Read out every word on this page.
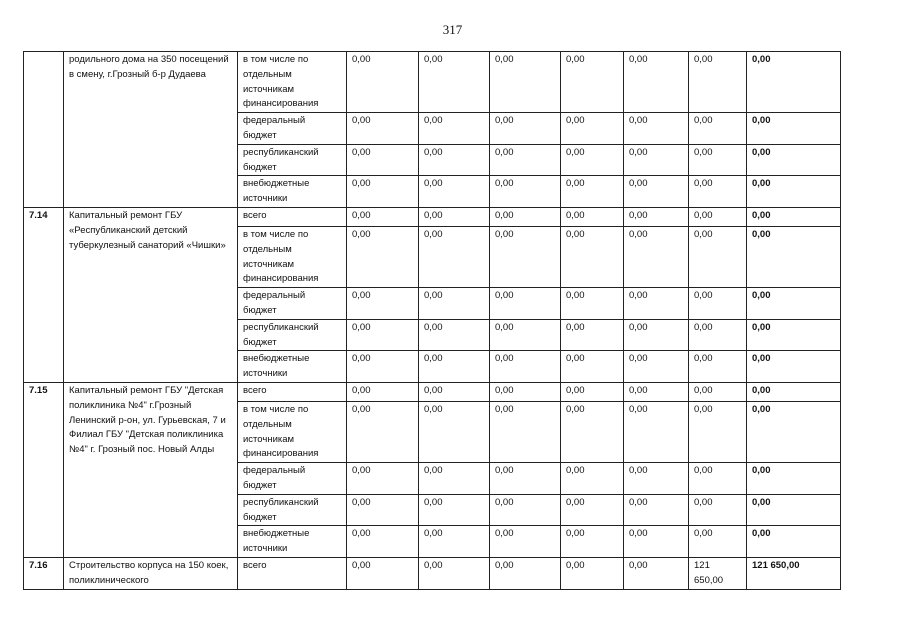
317
	родильного дома на 350 посещений в смену, г.Грозный б-р Дудаева	в том числе по отдельным источникам финансирования	0,00	0,00	0,00	0,00	0,00	0,00	0,00
		федеральный бюджет	0,00	0,00	0,00	0,00	0,00	0,00	0,00
		республиканский бюджет	0,00	0,00	0,00	0,00	0,00	0,00	0,00
		внебюджетные источники	0,00	0,00	0,00	0,00	0,00	0,00	0,00
7.14	Капитальный ремонт ГБУ «Республиканский детский туберкулезный санаторий «Чишки»	всего	0,00	0,00	0,00	0,00	0,00	0,00	0,00
		в том числе по отдельным источникам финансирования	0,00	0,00	0,00	0,00	0,00	0,00	0,00
		федеральный бюджет	0,00	0,00	0,00	0,00	0,00	0,00	0,00
		республиканский бюджет	0,00	0,00	0,00	0,00	0,00	0,00	0,00
		внебюджетные источники	0,00	0,00	0,00	0,00	0,00	0,00	0,00
7.15	Капитальный ремонт ГБУ "Детская поликлиника №4" г.Грозный Ленинский р-он, ул. Гурьевская, 7 и Филиал ГБУ "Детская поликлиника №4" г. Грозный пос. Новый Алды	всего	0,00	0,00	0,00	0,00	0,00	0,00	0,00
		в том числе по отдельным источникам финансирования	0,00	0,00	0,00	0,00	0,00	0,00	0,00
		федеральный бюджет	0,00	0,00	0,00	0,00	0,00	0,00	0,00
		республиканский бюджет	0,00	0,00	0,00	0,00	0,00	0,00	0,00
		внебюджетные источники	0,00	0,00	0,00	0,00	0,00	0,00	0,00
7.16	Строительство корпуса на 150 коек, поликлинического	всего	0,00	0,00	0,00	0,00	0,00	121 650,00	121 650,00
